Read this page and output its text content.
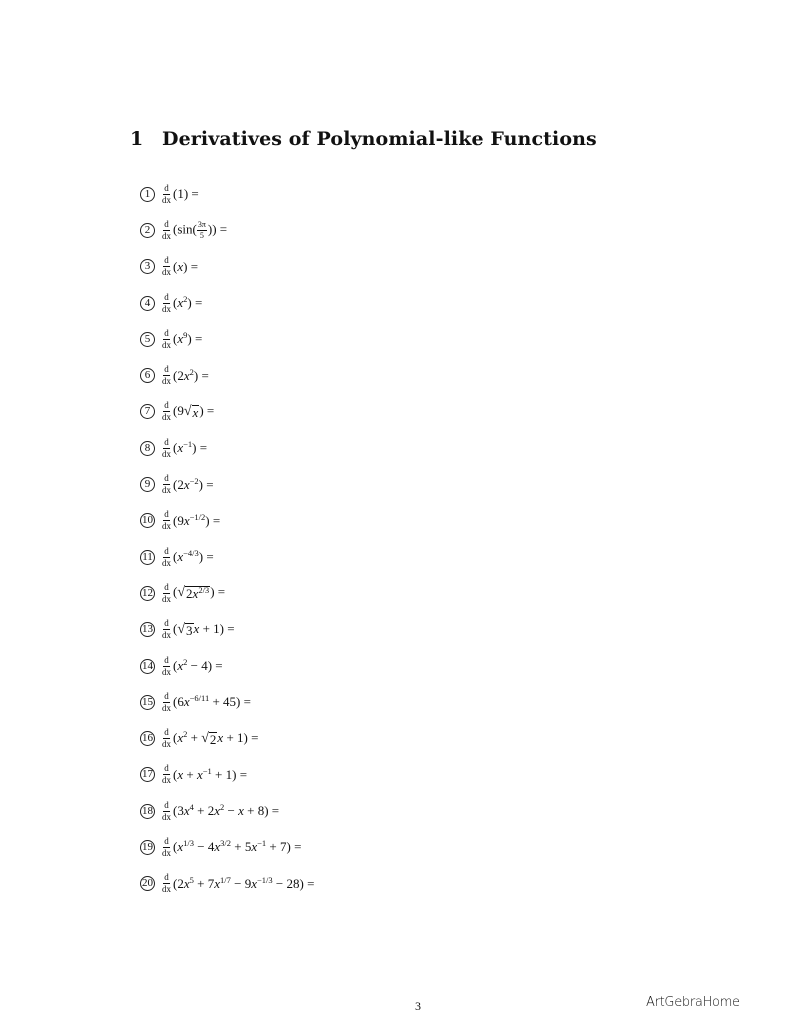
1 Derivatives of Polynomial-like Functions
1	$\frac{d}{dx} (1)$ =
2	$\frac{d}{dx} (\sin( \frac{3\pi}{5}$ )) =
3	$\frac{d}{dx} (x)$ =
4	$\frac{d}{dx} (x^2)$ =
5	$\frac{d}{dx} (x^9)$ =
6	$\frac{d}{dx} (2x^2)$ =
7	$\frac{d}{dx} (9$ √ x ) =
8	$\frac{d}{dx} (x^{-1})$ =
9	$\frac{d}{dx} (2x^{-2})$ =
$10 \frac{d}{dx} (9x^{-1/2})$ =
$11 \frac{d}{dx} (x^{-4/3})$ =
$12 \frac{d}{dx}$ ( √ $2x^{2/3}$ ) =
$13 \frac{d}{dx}$ ( √ 3 x + 1) =
$14 \frac{d}{dx} (x^2 - 4)$ =
$15 \frac{d}{dx} (6x^{-6/11} + 45)$ =
$16 \frac{d}{dx} (x^2$ + √ 2 x + 1) =
$17 \frac{d}{dx} (x + x^{-1} + 1)$ =
$18 \frac{d}{dx} (3x^4 + 2x^2 - x + 8)$ =
$19 \frac{d}{dx} (x^{1/3} - 4x^{3/2} + 5x^{-1} + 7)$ =
$20 \frac{d}{dx} (2x^5 + 7x^{1/7} - 9x^{-1/3} - 28)$ =
3	ArtGebraHome
